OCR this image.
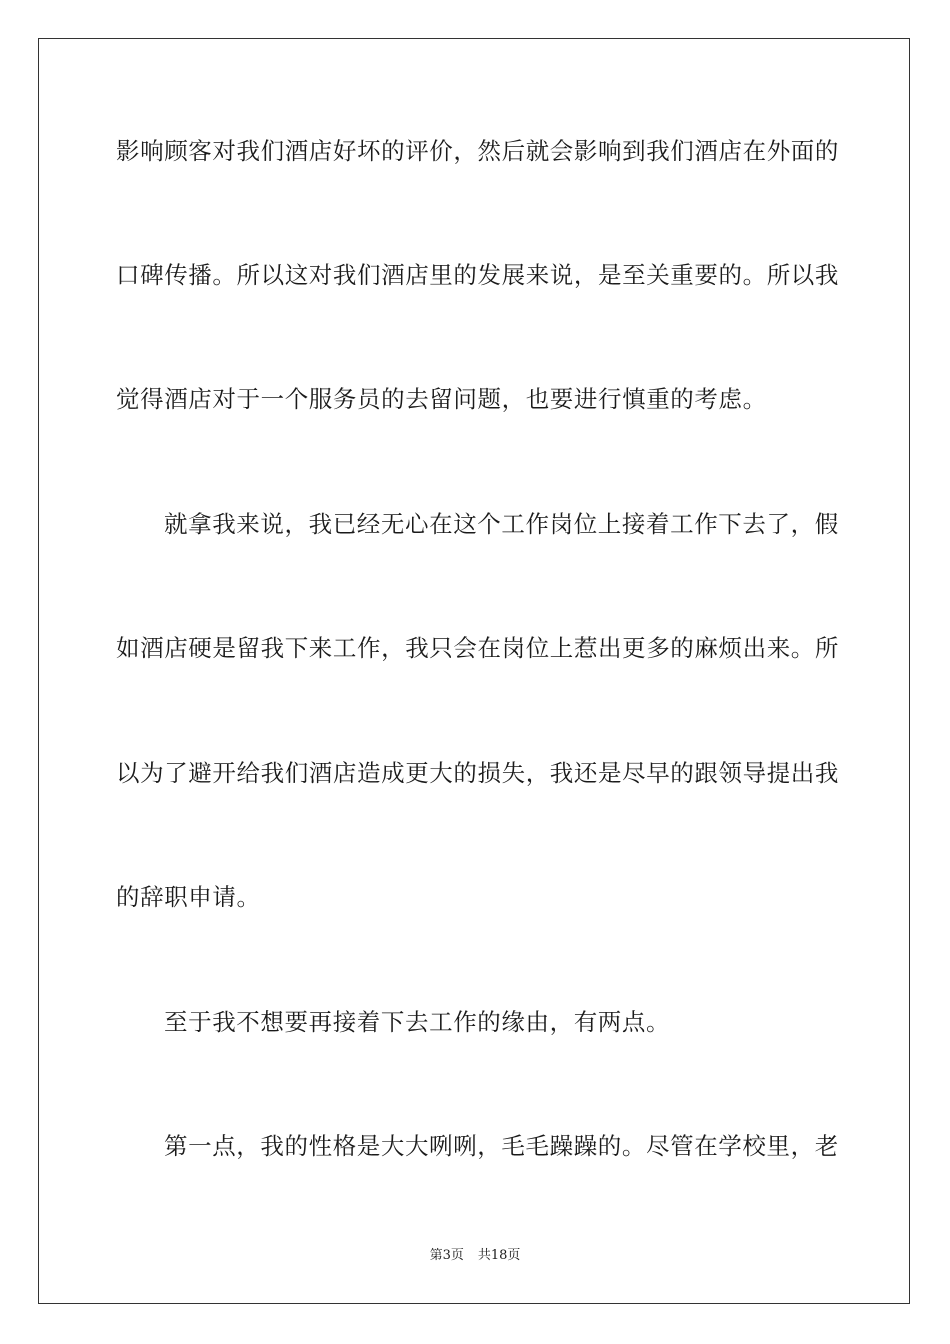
影响顾客对我们酒店好坏的评价，然后就会影响到我们酒店在外面的
口碑传播。所以这对我们酒店里的发展来说，是至关重要的。所以我
觉得酒店对于一个服务员的去留问题，也要进行慎重的考虑。
就拿我来说，我已经无心在这个工作岗位上接着工作下去了，假
如酒店硬是留我下来工作，我只会在岗位上惹出更多的麻烦出来。所
以为了避开给我们酒店造成更大的损失，我还是尽早的跟领导提出我
的辞职申请。
至于我不想要再接着下去工作的缘由，有两点。
第一点，我的性格是大大咧咧，毛毛躁躁的。尽管在学校里，老
第3页 共18页
